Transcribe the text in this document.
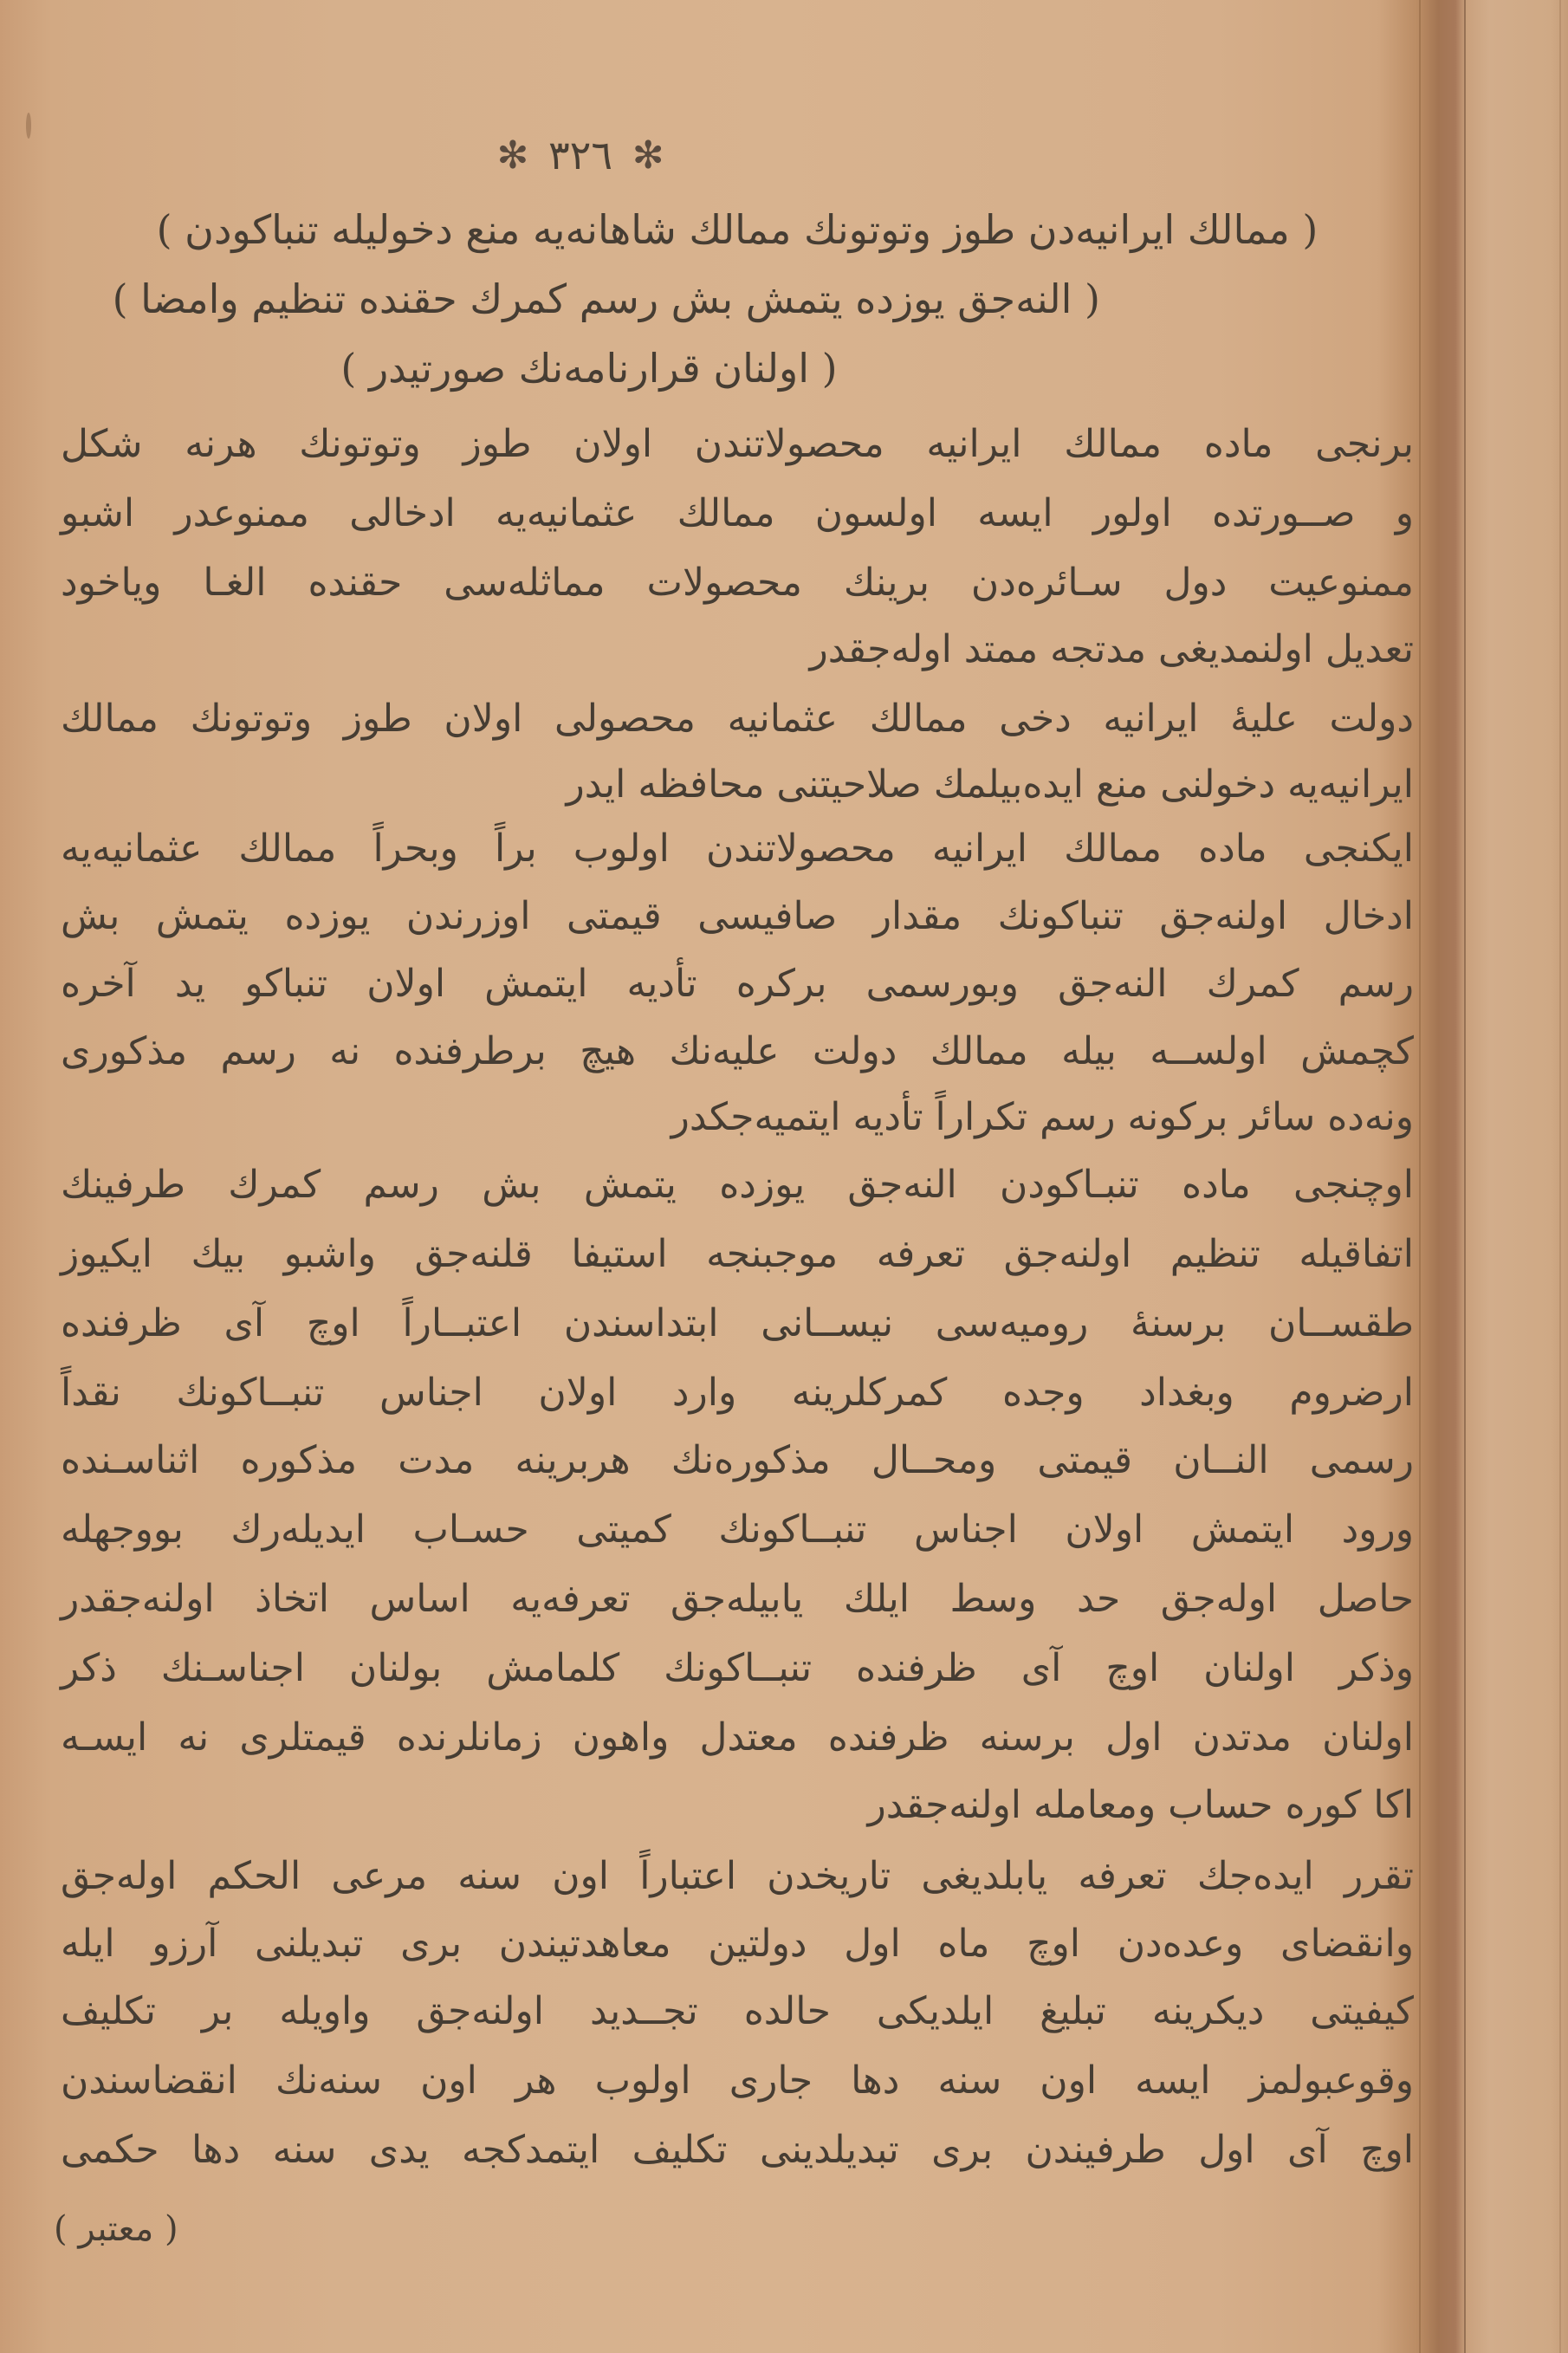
✻ ٣٢٦ ✻
( ممالك ايرانيه‌دن طوز وتوتونك ممالك شاهانه‌يه منع دخوليله تنباكودن )
( النه‌جق يوزده يتمش بش رسم كمرك حقنده تنظيم وامضا )
( اولنان قرارنامه‌نك صورتيدر )
برنجى ماده ممالك ايرانيه محصولاتندن اولان طوز وتوتونك هرنه شكل
و صــورتده اولور ايسه اولسون ممالك عثمانيه‌يه ادخالى ممنوعدر اشبو
ممنوعيت دول سـائره‌دن برينك محصولات مماثله‌سى حقنده الغـا وياخود
تعديل اولنمديغى مدتجه ممتد اوله‌جقدر
دولت عليهٔ ايرانيه دخى ممالك عثمانيه محصولى اولان طوز وتوتونك ممالك
ايرانيه‌يه دخولنى منع ايده‌بيلمك صلاحيتنى محافظه ايدر
ايكنجى ماده ممالك ايرانيه محصولاتندن اولوب براً وبحراً ممالك عثمانيه‌يه
ادخال اولنه‌جق تنباكونك مقدار صافيسى قيمتى اوزرندن يوزده يتمش بش
رسم كمرك النه‌جق وبورسمى بركره تأديه ايتمش اولان تنباكو يد آخره
كچمش اولســه بيله ممالك دولت عليه‌نك هيچ برطرفنده نه رسم مذكورى
ونه‌ده سائر بركونه رسم تكراراً تأديه ايتميه‌جكدر
اوچنجى ماده تنبـاكودن النه‌جق يوزده يتمش بش رسم كمرك طرفينك
اتفاقيله تنظيم اولنه‌جق تعرفه موجبنجه استيفا قلنه‌جق واشبو بيك ايكيوز
طقســان برسنهٔ روميه‌سى نيســانى ابتداسندن اعتبــاراً اوچ آى ظرفنده
ارضروم وبغداد وجده كمركلرينه وارد اولان اجناس تنبــاكونك نقداً
رسمى النــان قيمتى ومحــال مذكوره‌نك هربرينه مدت مذكوره اثناسـنده
ورود ايتمش اولان اجناس تنبــاكونك كميتى حسـاب ايديله‌رك بووجهله
حاصل اوله‌جق حد وسط ايلك يابيله‌جق تعرفه‌يه اساس اتخاذ اولنه‌جقدر
وذكر اولنان اوچ آى ظرفنده تنبــاكونك كلمامش بولنان اجناسـنك ذكر
اولنان مدتدن اول برسنه ظرفنده معتدل واهون زمانلرنده قيمتلرى نه ايسـه
اكا كوره حساب ومعامله اولنه‌جقدر
تقرر ايده‌جك تعرفه يابلديغى تاريخدن اعتباراً اون سنه مرعى الحكم اوله‌جق
وانقضاى وعده‌دن اوچ ماه اول دولتين معاهدتيندن برى تبديلنى آرزو ايله
كيفيتى ديكرينه تبليغ ايلديكى حالده تجــديد اولنه‌جق واويله بر تكليف
وقوعبولمز ايسه اون سنه دها جارى اولوب هر اون سنه‌نك انقضاسندن
اوچ آى اول طرفيندن برى تبديلدينى تكليف ايتمدكجه يدى سنه دها حكمى
( معتبر )
